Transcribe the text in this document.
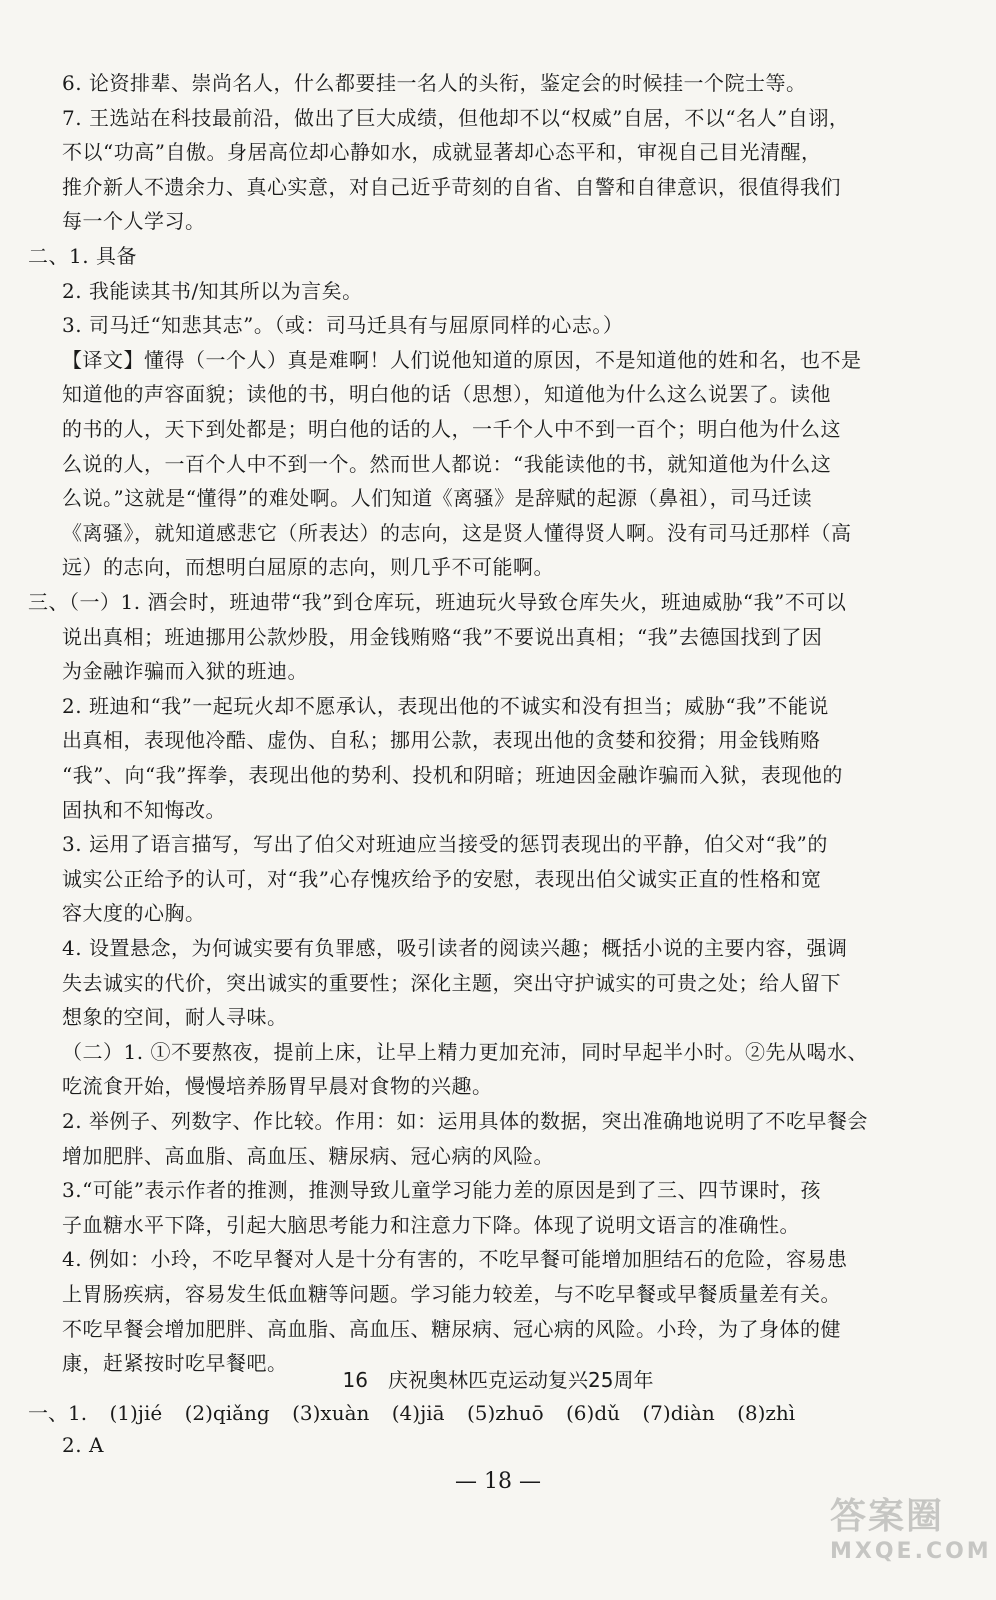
6. 论资排辈、崇尚名人，什么都要挂一名人的头衔，鉴定会的时候挂一个院士等。
7. 王选站在科技最前沿，做出了巨大成绩，但他却不以“权威”自居，不以“名人”自诩，
不以“功高”自傲。身居高位却心静如水，成就显著却心态平和，审视自己目光清醒，
推介新人不遗余力、真心实意，对自己近乎苛刻的自省、自警和自律意识，很值得我们
每一个人学习。
二、1. 具备
2. 我能读其书/知其所以为言矣。
3. 司马迁“知悲其志”。（或：司马迁具有与屈原同样的心志。）
【译文】懂得（一个人）真是难啊！人们说他知道的原因，不是知道他的姓和名，也不是
知道他的声容面貌；读他的书，明白他的话（思想），知道他为什么这么说罢了。读他
的书的人，天下到处都是；明白他的话的人，一千个人中不到一百个；明白他为什么这
么说的人，一百个人中不到一个。然而世人都说：“我能读他的书，就知道他为什么这
么说。”这就是“懂得”的难处啊。人们知道《离骚》是辞赋的起源（鼻祖），司马迁读
《离骚》，就知道感悲它（所表达）的志向，这是贤人懂得贤人啊。没有司马迁那样（高
远）的志向，而想明白屈原的志向，则几乎不可能啊。
三、（一）1. 酒会时，班迪带“我”到仓库玩，班迪玩火导致仓库失火，班迪威胁“我”不可以
说出真相；班迪挪用公款炒股，用金钱贿赂“我”不要说出真相；“我”去德国找到了因
为金融诈骗而入狱的班迪。
2. 班迪和“我”一起玩火却不愿承认，表现出他的不诚实和没有担当；威胁“我”不能说
出真相，表现他冷酷、虚伪、自私；挪用公款，表现出他的贪婪和狡猾；用金钱贿赂
“我”、向“我”挥拳，表现出他的势利、投机和阴暗；班迪因金融诈骗而入狱，表现他的
固执和不知悔改。
3. 运用了语言描写，写出了伯父对班迪应当接受的惩罚表现出的平静，伯父对“我”的
诚实公正给予的认可，对“我”心存愧疚给予的安慰，表现出伯父诚实正直的性格和宽
容大度的心胸。
4. 设置悬念，为何诚实要有负罪感，吸引读者的阅读兴趣；概括小说的主要内容，强调
失去诚实的代价，突出诚实的重要性；深化主题，突出守护诚实的可贵之处；给人留下
想象的空间，耐人寻味。
（二）1. ①不要熬夜，提前上床，让早上精力更加充沛，同时早起半小时。②先从喝水、
吃流食开始，慢慢培养肠胃早晨对食物的兴趣。
2. 举例子、列数字、作比较。作用：如：运用具体的数据，突出准确地说明了不吃早餐会
增加肥胖、高血脂、高血压、糖尿病、冠心病的风险。
3.“可能”表示作者的推测，推测导致儿童学习能力差的原因是到了三、四节课时，孩
子血糖水平下降，引起大脑思考能力和注意力下降。体现了说明文语言的准确性。
4. 例如：小玲，不吃早餐对人是十分有害的，不吃早餐可能增加胆结石的危险，容易患
上胃肠疾病，容易发生低血糖等问题。学习能力较差，与不吃早餐或早餐质量差有关。
不吃早餐会增加肥胖、高血脂、高血压、糖尿病、冠心病的风险。小玲，为了身体的健
康，赶紧按时吃早餐吧。
16　庆祝奥林匹克运动复兴25周年
一、1. (1)jié (2)qiǎng (3)xuàn (4)jiā (5)zhuō (6)dǔ (7)diàn (8)zhì
2. A
— 18 —
答案圈
MXQE.COM
